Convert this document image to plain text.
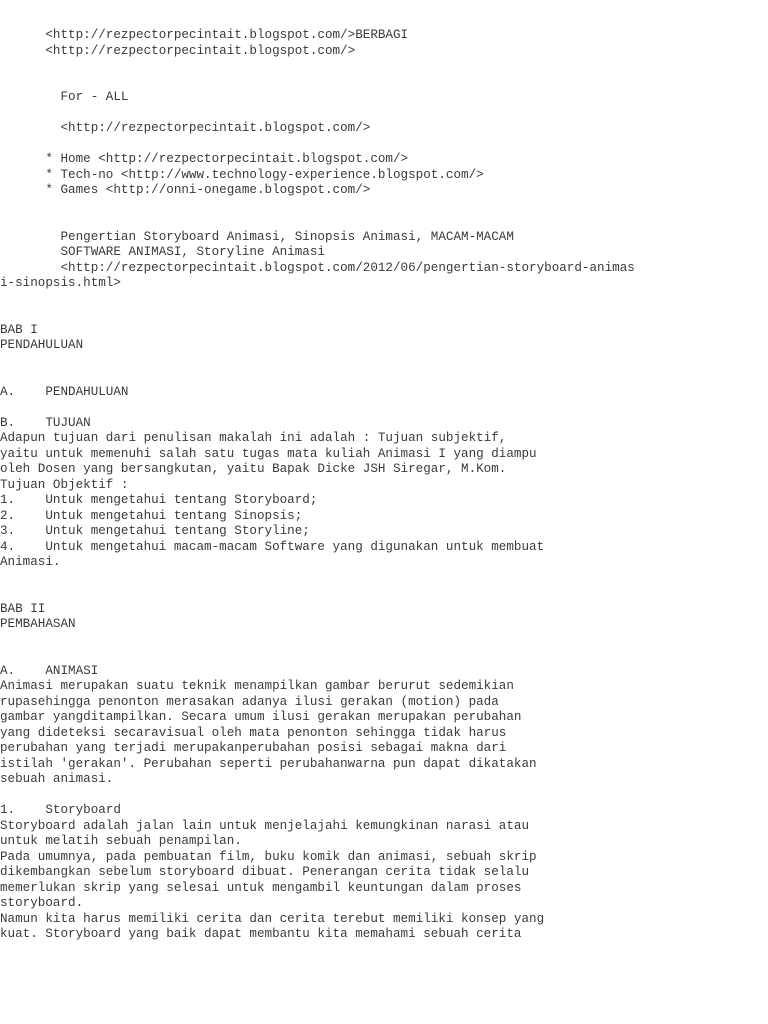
<http://rezpectorpecintait.blogspot.com/>BERBAGI
<http://rezpectorpecintait.blogspot.com/>
For - ALL
<http://rezpectorpecintait.blogspot.com/>
* Home <http://rezpectorpecintait.blogspot.com/>
* Tech-no <http://www.technology-experience.blogspot.com/>
* Games <http://onni-onegame.blogspot.com/>
Pengertian Storyboard Animasi, Sinopsis Animasi, MACAM-MACAM
SOFTWARE ANIMASI, Storyline Animasi
<http://rezpectorpecintait.blogspot.com/2012/06/pengertian-storyboard-animas
i-sinopsis.html>
BAB I
PENDAHULUAN
A.    PENDAHULUAN
B.    TUJUAN
Adapun tujuan dari penulisan makalah ini adalah : Tujuan subjektif,
yaitu untuk memenuhi salah satu tugas mata kuliah Animasi I yang diampu
oleh Dosen yang bersangkutan, yaitu Bapak Dicke JSH Siregar, M.Kom.
Tujuan Objektif :
1.    Untuk mengetahui tentang Storyboard;
2.    Untuk mengetahui tentang Sinopsis;
3.    Untuk mengetahui tentang Storyline;
4.    Untuk mengetahui macam-macam Software yang digunakan untuk membuat
Animasi.
BAB II
PEMBAHASAN
A.    ANIMASI
Animasi merupakan suatu teknik menampilkan gambar berurut sedemikian
rupasehingga penonton merasakan adanya ilusi gerakan (motion) pada
gambar yangditampilkan. Secara umum ilusi gerakan merupakan perubahan
yang dideteksi secaravisual oleh mata penonton sehingga tidak harus
perubahan yang terjadi merupakanperubahan posisi sebagai makna dari
istilah 'gerakan'. Perubahan seperti perubahanwarna pun dapat dikatakan
sebuah animasi.
1.    Storyboard
Storyboard adalah jalan lain untuk menjelajahi kemungkinan narasi atau
untuk melatih sebuah penampilan.
Pada umumnya, pada pembuatan film, buku komik dan animasi, sebuah skrip
dikembangkan sebelum storyboard dibuat. Penerangan cerita tidak selalu
memerlukan skrip yang selesai untuk mengambil keuntungan dalam proses
storyboard.
Namun kita harus memiliki cerita dan cerita terebut memiliki konsep yang
kuat. Storyboard yang baik dapat membantu kita memahami sebuah cerita
